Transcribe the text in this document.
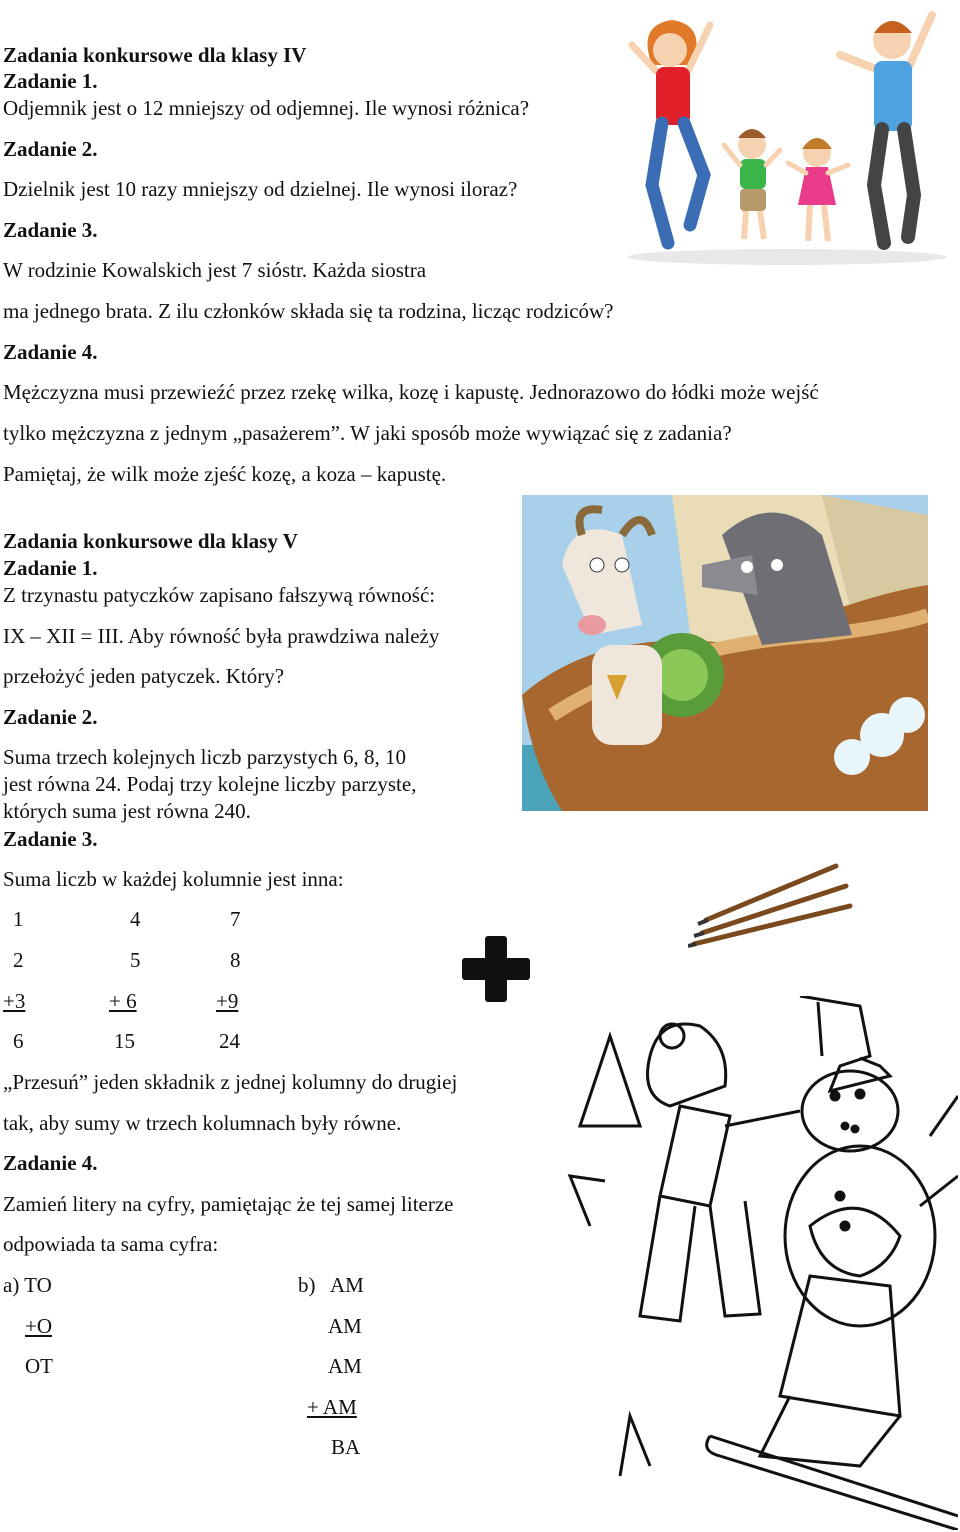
Zadania konkursowe dla klasy IV
Zadanie 1.
Odjemnik jest o 12 mniejszy od odjemnej. Ile wynosi różnica?
Zadanie 2.
Dzielnik jest 10 razy mniejszy od dzielnej. Ile wynosi iloraz?
Zadanie 3.
W rodzinie Kowalskich jest 7 sióstr. Każda siostra
ma jednego brata. Z ilu członków składa się ta rodzina, licząc rodziców?
Zadanie 4.
Mężczyzna musi przewieźć przez rzekę wilka, kozę i kapustę. Jednorazowo do łódki może wejść
tylko mężczyzna z jednym „pasażerem”. W jaki sposób może wywiązać się z zadania?
Pamiętaj, że wilk może zjeść kozę, a koza – kapustę.
Zadania konkursowe dla klasy V
Zadanie 1.
Z trzynastu patyczków zapisano fałszywą równość:
IX – XII = III. Aby równość była prawdziwa należy
przełożyć jeden patyczek. Który?
Zadanie 2.
Suma trzech kolejnych liczb parzystych 6, 8, 10
jest równa 24. Podaj trzy kolejne liczby parzyste,
których suma jest równa 240.
Zadanie 3.
Suma liczb w każdej kolumnie jest inna:
1	4	7
2	5	8
+3	+ 6	+9
6	15	24
„Przesuń” jeden składnik z jednej kolumny do drugiej
tak, aby sumy w trzech kolumnach były równe.
Zadanie 4.
Zamień litery na cyfry, pamiętając że tej samej literze
odpowiada ta sama cyfra:
a) TO
+O
OT
b) AM
AM
AM
+ AM
BA
